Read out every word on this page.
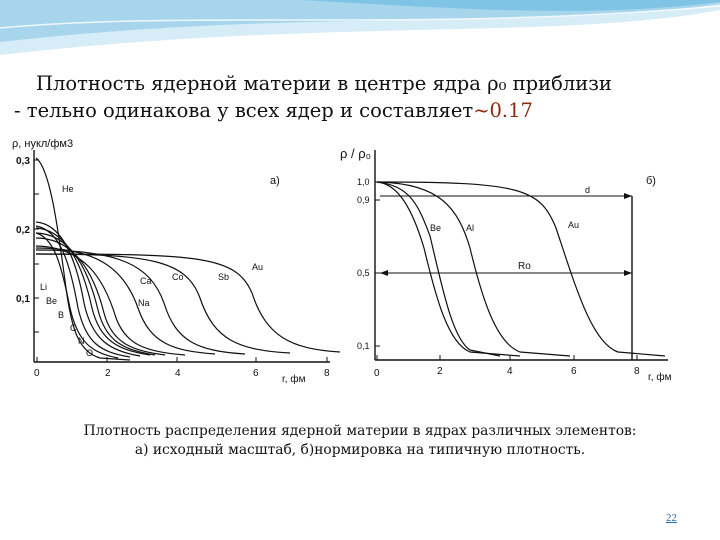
Плотность ядерной материи в центре ядра ρ₀ приблизи
- тельно одинакова у всех ядер и составляет~0.17
ρ, нукл/фм3
0,3
0,2
0,1
0	2	4	6	8
r, фм
а)
He
Li
Be
B
C
N
O
Ca
Na
Co	Sb
Au
ρ / ρ₀
1,0
0,9
0,5
0,1
0	2	4	6	8
r, фм
б)
d
Ro
Be	Al	Au
Плотность распределения ядерной материи в ядрах различных элементов:
а) исходный масштаб, б)нормировка на типичную плотность.
22
